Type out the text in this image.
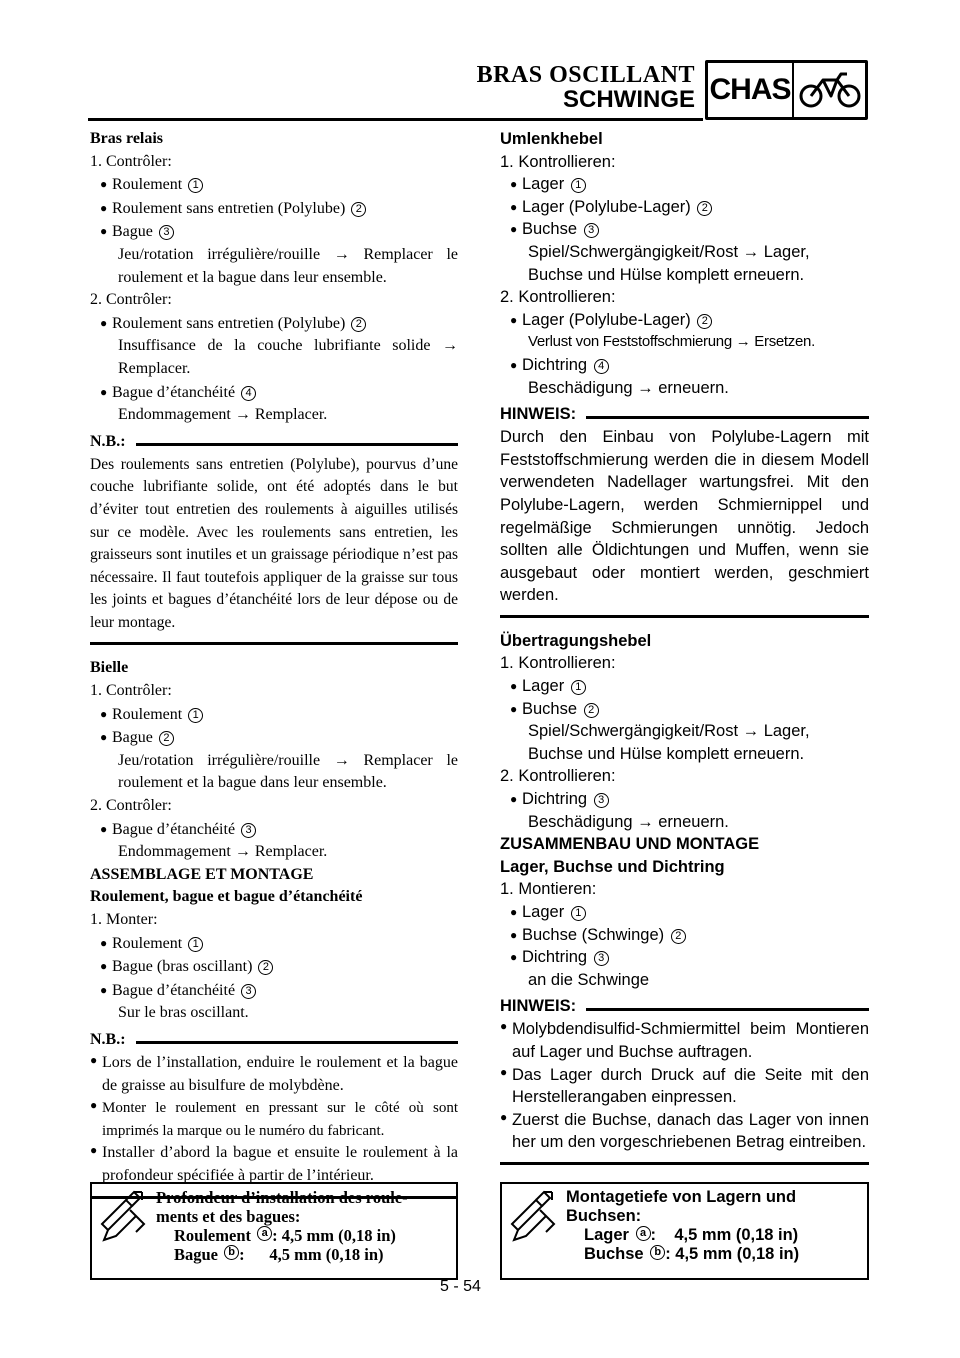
BRAS OSCILLANT
SCHWINGE CHAS
Bras relais
1. Contrôler:
● Roulement 1
● Roulement sans entretien (Polylube) 2
● Bague 3
Jeu/rotation irrégulière/rouille → Remplacer le
roulement et la bague dans leur ensemble.
2. Contrôler:
● Roulement sans entretien (Polylube) 2
Insuffisance de la couche lubrifiante solide →
Remplacer.
● Bague d’étanchéité 4
Endommagement → Remplacer.
N.B.:
Des roulements sans entretien (Polylube), pourvus d’une couche lubrifiante solide, ont été adoptés dans le but d’éviter tout entretien des roulements à aiguilles utilisés sur ce modèle. Avec les roulements sans entretien, les graisseurs sont inutiles et un graissage périodique n’est pas nécessaire. Il faut toutefois appliquer de la graisse sur tous les joints et bagues d’étanchéité lors de leur dépose ou de leur montage.
Bielle
1. Contrôler:
● Roulement 1
● Bague 2
Jeu/rotation irrégulière/rouille → Remplacer le
roulement et la bague dans leur ensemble.
2. Contrôler:
● Bague d’étanchéité 3
Endommagement → Remplacer.
ASSEMBLAGE ET MONTAGE
Roulement, bague et bague d’étanchéité
1. Monter:
● Roulement 1
● Bague (bras oscillant) 2
● Bague d’étanchéité 3
Sur le bras oscillant.
N.B.:
● Lors de l’installation, enduire le roulement et la bague de graisse au bisulfure de molybdène.
● Monter le roulement en pressant sur le côté où sont imprimés la marque ou le numéro du fabricant.
● Installer d’abord la bague et ensuite le roulement à la profondeur spécifiée à partir de l’intérieur.
Umlenkhebel
1. Kontrollieren:
● Lager 1
● Lager (Polylube-Lager) 2
● Buchse 3
Spiel/Schwergängigkeit/Rost → Lager,
Buchse und Hülse komplett erneuern.
2. Kontrollieren:
● Lager (Polylube-Lager) 2
Verlust von Feststoffschmierung → Ersetzen.
● Dichtring 4
Beschädigung → erneuern.
HINWEIS:
Durch den Einbau von Polylube-Lagern mit Feststoffschmierung werden die in diesem Modell verwendeten Nadellager wartungsfrei. Mit den Polylube-Lagern, werden Schmiernippel und regelmäßige Schmierungen unnötig. Jedoch sollten alle Öldichtungen und Muffen, wenn sie ausgebaut oder montiert werden, geschmiert werden.
Übertragungshebel
1. Kontrollieren:
● Lager 1
● Buchse 2
Spiel/Schwergängigkeit/Rost → Lager,
Buchse und Hülse komplett erneuern.
2. Kontrollieren:
● Dichtring 3
Beschädigung → erneuern.
ZUSAMMENBAU UND MONTAGE
Lager, Buchse und Dichtring
1. Montieren:
● Lager 1
● Buchse (Schwinge) 2
● Dichtring 3
an die Schwinge
HINWEIS:
● Molybdendisulfid-Schmiermittel beim Montieren auf Lager und Buchse auftragen.
● Das Lager durch Druck auf die Seite mit den Herstellerangaben einpressen.
● Zuerst die Buchse, danach das Lager von innen her um den vorgeschriebenen Betrag eintreiben.
Profondeur d’installation des roule-
ments et des bagues:
Roulement
a :
4,5 mm (0,18 in)
Bague
b :
4,5 mm (0,18 in)
Montagetiefe von Lagern und
Buchsen:
Lager
	a :
4,5 mm (0,18 in)
Buchse
b :
4,5 mm (0,18 in)
5 - 54
